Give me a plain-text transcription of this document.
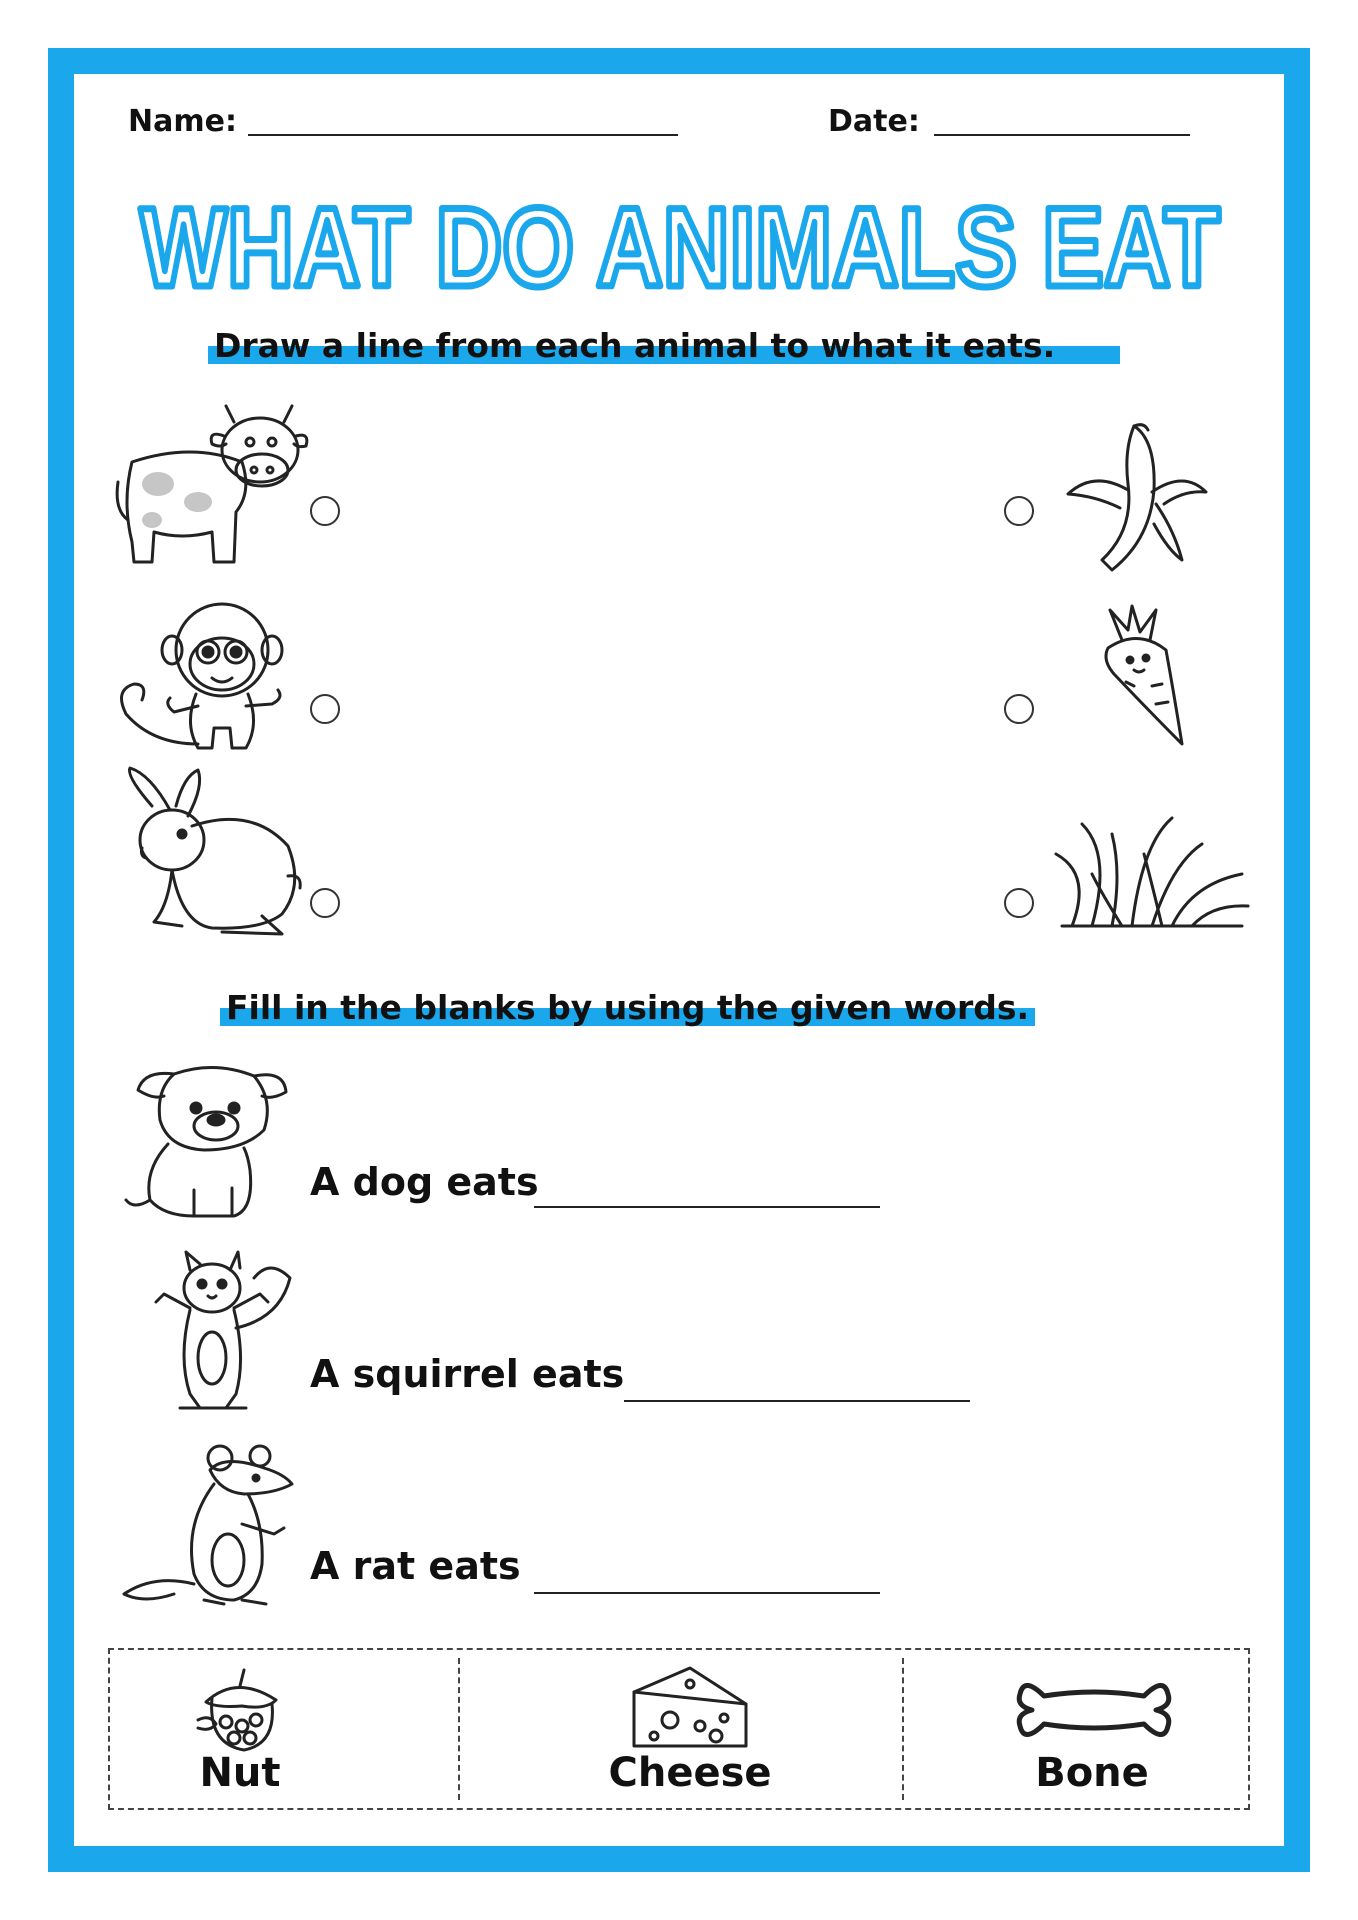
Name:	Date:
WHAT DO ANIMALS EAT
Draw a line from each animal to what it eats.
Fill in the blanks by using the given words.
A dog eats
A squirrel eats
A rat eats
Nut	Cheese	Bone
